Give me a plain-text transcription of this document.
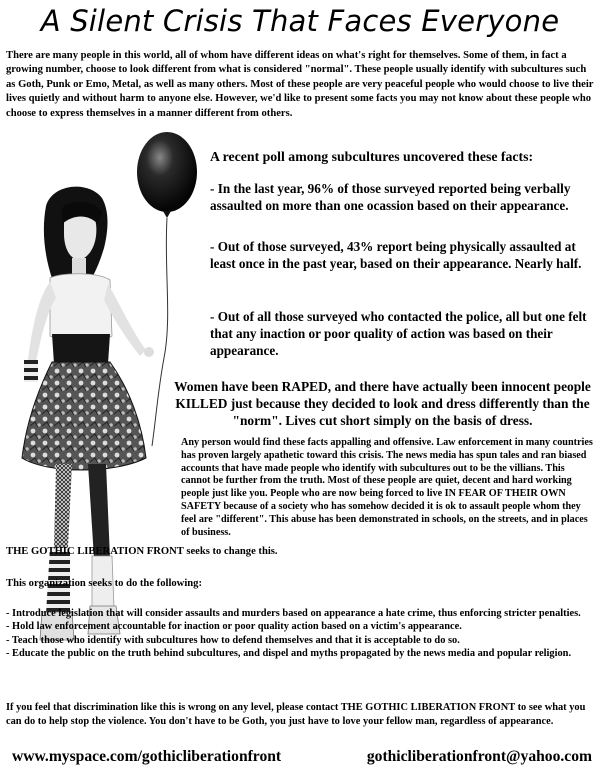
A Silent Crisis That Faces Everyone
There are many people in this world, all of whom have different ideas on what's right for themselves. Some of them, in fact a growing number, choose to look different from what is considered "normal". These people usually identify with subcultures such as Goth, Punk or Emo, Metal, as well as many others. Most of these people are very peaceful people who would choose to live their lives quietly and without harm to anyone else. However, we'd like to present some facts you may not know about these people who choose to express themselves in a manner different from others.
A recent poll among subcultures uncovered these facts:
- In the last year, 96% of those surveyed reported being verbally assaulted on more than one ocassion based on their appearance.
- Out of those surveyed, 43% report being physically assaulted at least once in the past year, based on their appearance. Nearly half.
- Out of all those surveyed who contacted the police, all but one felt that any inaction or poor quality of action was based on their appearance.
Women have been RAPED, and there have actually been innocent people KILLED just because they decided to look and dress differently than the "norm". Lives cut short simply on the basis of dress.
Any person would find these facts appalling and offensive. Law enforcement in many countries has proven largely apathetic toward this crisis. The news media has spun tales and ran biased accounts that have made people who identify with subcultures out to be the villians. This cannot be further from the truth. Most of these people are quiet, decent and hard working people just like you. People who are now being forced to live IN FEAR OF THEIR OWN SAFETY because of a society who has somehow decided it is ok to assault people whom they feel are "different". This abuse has been demonstrated in schools, on the streets, and in places of business.
THE GOTHIC LIBERATION FRONT seeks to change this.
This organization seeks to do the following:
- Introduce legislation that will consider assaults and murders based on appearance a hate crime, thus enforcing stricter penalties.
- Hold law enforcement accountable for inaction or poor quality action based on a victim's appearance.
- Teach those who identify with subcultures how to defend themselves and that it is acceptable to do so.
- Educate the public on the truth behind subcultures, and dispel and myths propagated by the news media and popular religion.
If you feel that discrimination like this is wrong on any level, please contact THE GOTHIC LIBERATION FRONT to see what you can do to help stop the violence. You don't have to be Goth, you just have to love your fellow man, regardless of appearance.
www.myspace.com/gothicliberationfront	gothicliberationfront@yahoo.com
